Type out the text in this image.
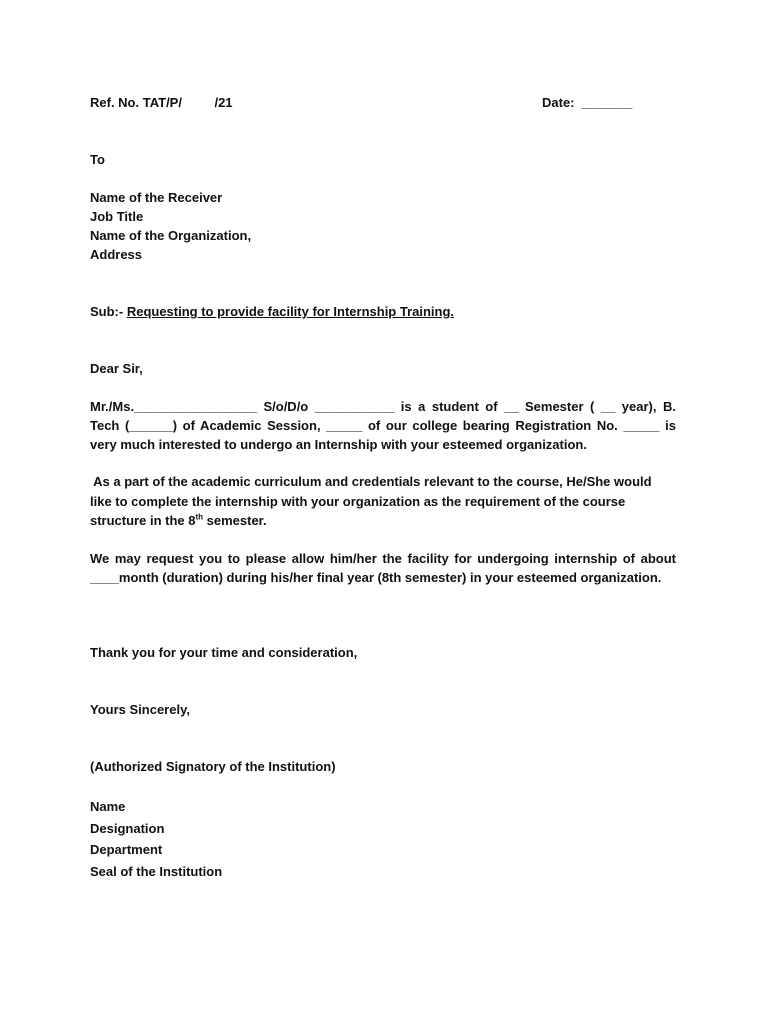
Ref. No. TAT/P/         /21	Date:  _______
To
Name of the Receiver
Job Title
Name of the Organization,
Address
Sub:- Requesting to provide facility for Internship Training.
Dear Sir,
Mr./Ms._________________ S/o/D/o ___________ is a student of __ Semester ( __ year), B.
Tech (______) of Academic Session, _____ of our college bearing Registration No. _____ is
very much interested to undergo an Internship with your esteemed organization.
As a part of the academic curriculum and credentials relevant to the course, He/She would
like to complete the internship with your organization as the requirement of the course
structure in the 8th semester.
We may request you to please allow him/her the facility for undergoing internship of about
____month (duration) during his/her final year (8th semester) in your esteemed organization.
Thank you for your time and consideration,
Yours Sincerely,
(Authorized Signatory of the Institution)
Name
Designation
Department
Seal of the Institution
